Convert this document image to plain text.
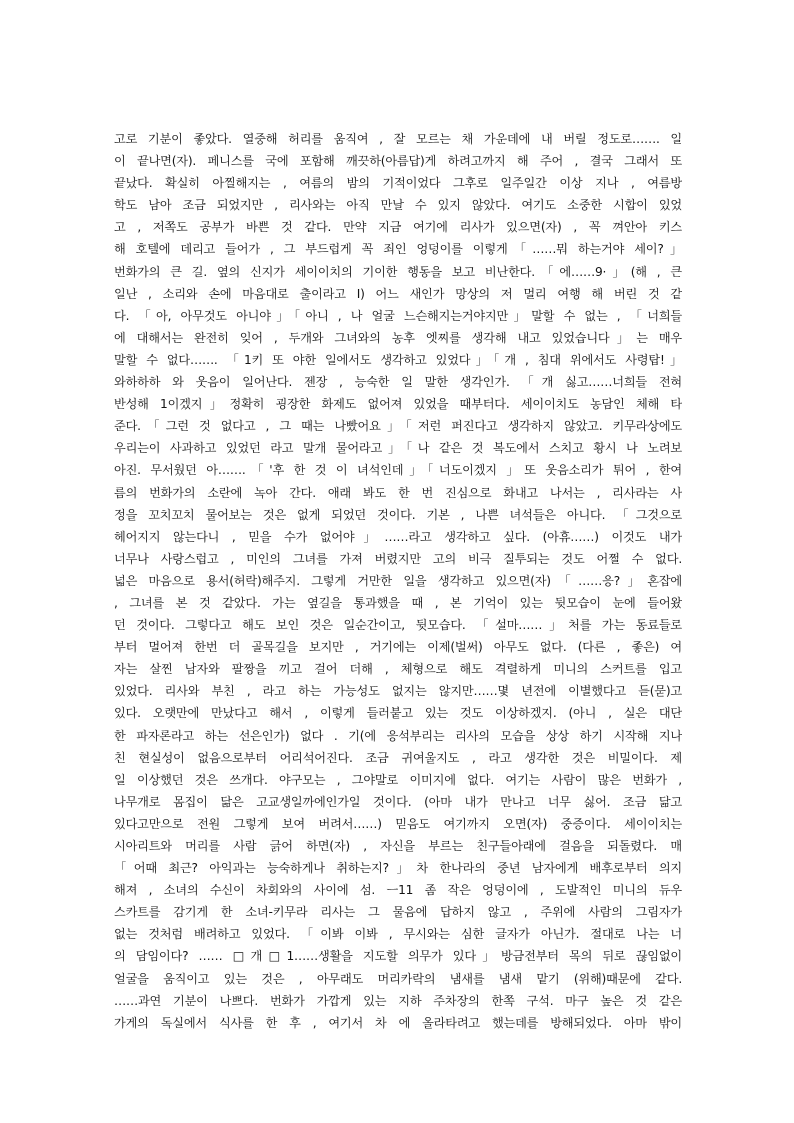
고로 기분이 좋았다. 열중해 허리를 움직여 , 잘 모르는 채 가운데에 내 버릴 정도로……. 일
이 끝나면(자). 페니스를 국에 포함해 깨끗하(아름답)게 하려고까지 해 주어 , 결국 그래서 또
끝났다. 확실히 아찔해지는 , 여름의 밤의 기적이었다 그후로 일주일간 이상 지나 , 여름방
학도 남아 조금 되었지만 , 리사와는 아직 만날 수 있지 않았다. 여기도 소중한 시합이 있었
고 , 저쪽도 공부가 바쁜 것 같다. 만약 지금 여기에 리사가 있으면(자) , 꼭 껴안아 키스
해 호텔에 데리고 들어가 , 그 부드럽게 꼭 죄인 엉덩이를 이렇게「……뭐 하는거야 세이?」
번화가의 큰 길. 옆의 신지가 세이이치의 기이한 행동을 보고 비난한다.「에……9·」(해 , 큰
일난 , 소리와 손에 마음대로 출이라고 I) 어느 새인가 망상의 저 멀리 여행 해 버린 것 같
다. 「아, 아무것도 아니야」「아니 , 나 얼굴 느슨해지는거야지만」말할 수 없는 , 「너희들
에 대해서는 완전히 잊어 , 두개와 그녀와의 농후 엣찌를 생각해 내고 있었습니다」는 매우
말할 수 없다……. 「1키 또 야한 일에서도 생각하고 있었다」「개 , 침대 위에서도 사령탑!」
와하하하 와 웃음이 일어난다. 젠장 , 능숙한 일 말한 생각인가. 「개 싫고……너희들 전혀
반성해 1이겠지」정확히 굉장한 화제도 없어져 있었을 때부터다. 세이이치도 농담인 체해 타
준다.「그런 것 없다고 , 그 때는 나빴어요」「저런 퍼진다고 생각하지 않았고. 키무라상에도
우리는이 사과하고 있었던 라고 말개 물어라고」「나 같은 것 복도에서 스치고 황시 나 노려보
아진. 무서웠던 아…….「'후 한 것 이 녀석인데」「너도이겠지 」또 웃음소리가 튀어 , 한여
름의 번화가의 소란에 녹아 간다. 애래 봐도 한 번 진심으로 화내고 나서는 , 리사라는 사
정을 꼬치꼬치 물어보는 것은 없게 되었던 것이다. 기본 , 나쁜 녀석들은 아니다. 「그것으로
헤어지지 않는다니 , 믿을 수가 없어야」……라고 생각하고 싶다. (아휴……) 이것도 내가
너무나 사랑스럽고 , 미인의 그녀를 가져 버렸지만 고의 비극 질투되는 것도 어쩔 수 없다.
넓은 마음으로 용서(허락)해주지. 그렇게 거만한 일을 생각하고 있으면(자)「……응?」혼잡에
, 그녀를 본 것 같았다. 가는 옆길을 통과했을 때 , 본 기억이 있는 뒷모습이 눈에 들어왔
던 것이다. 그렇다고 해도 보인 것은 일순간이고, 뒷모습다. 「설마……」처를 가는 동료들로
부터 멀어져 한번 더 골목길을 보지만 , 거기에는 이제(벌써) 아무도 없다. (다른 , 좋은) 여
자는 살찐 남자와 팔짱을 끼고 걸어 더해 , 체형으로 해도 격렬하게 미니의 스커트를 입고
있었다. 리사와 부친 , 라고 하는 가능성도 없지는 않지만……몇 년전에 이별했다고 듣(묻)고
있다. 오랫만에 만났다고 해서 , 이렇게 들러붙고 있는 것도 이상하겠지. (아니 , 실은 대단
한 파자론라고 하는 선은인가) 없다 . 기(에 응석부리는 리사의 모습을 상상 하기 시작해 지나
친 현실성이 없음으로부터 어리석어진다. 조금 귀여울지도 , 라고 생각한 것은 비밀이다. 제
일 이상했던 것은 쓰개다. 야구모는 , 그야말로 이미지에 없다. 여기는 사람이 많은 번화가 ,
나무개로 몸집이 닮은 고교생일까에인가일 것이다. (아마 내가 만나고 너무 싫어. 조금 닮고
있다고만으로 전원 그렇게 보여 버려서……) 믿음도 여기까지 오면(자) 중증이다. 세이이치는
시아리트와 머리를 사람 긁어 하면(자) , 자신을 부르는 친구들아래에 걸음을 되돌렸다. 매
「어때 최근? 아익과는 능숙하게나 취하는지?」차 한나라의 중년 남자에게 배후로부터 의지
해져 , 소녀의 수신이 차회와의 사이에 섬. ㅡ11 좀 작은 엉덩이에 , 도발적인 미니의 듀우
스카트를 감기게 한 소녀-키무라 리사는 그 물음에 답하지 않고 , 주위에 사람의 그림자가
없는 것처럼 배려하고 있었다. 「이봐 이봐 , 무시와는 심한 글자가 아닌가. 절대로 나는 너
의 담임이다? …… □개□1……생활을 지도할 의무가 있다」방금전부터 목의 뒤로 끊임없이
얼굴을 움직이고 있는 것은 , 아무래도 머리카락의 냄새를 냄새 맡기 (위해)때문에 같다.
……과연 기분이 나쁘다. 번화가 가깝게 있는 지하 주차장의 한쪽 구석. 마구 높은 것 같은
가게의 독실에서 식사를 한 후 , 여기서 차 에 올라타려고 했는데를 방해되었다. 아마 밖이
